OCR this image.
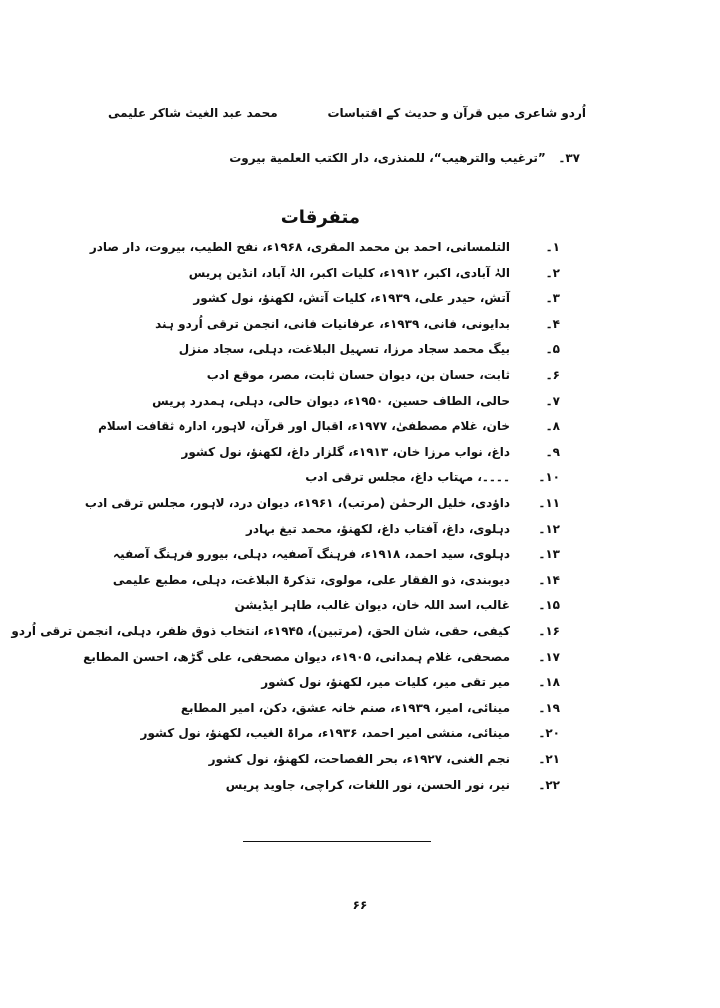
اُردو شاعری میں قرآن و حدیث کے اقتباسات
محمد عبد الغیث شاکر علیمی
۳۷۔ ”ترغیب والترھیب“، للمنذری، دار الکتب العلمیة بیروت
متفرقات
۱۔
التلمسانی، احمد بن محمد المقری، ۱۹۶۸ء، نفح الطیب، بیروت، دار صادر
۲۔
الہٰ آبادی، اکبر، ۱۹۱۲ء، کلیات اکبر، الہٰ آباد، انڈین پریس
۳۔
آتش، حیدر علی، ۱۹۳۹ء، کلیات آتش، لکھنؤ، نول کشور
۴۔
بدایونی، فانی، ۱۹۳۹ء، عرفانیات فانی، انجمن ترقی اُردو ہند
۵۔
بیگ محمد سجاد مرزا، تسہیل البلاغت، دہلی، سجاد منزل
۶۔
ثابت، حسان بن، دیوان حسان ثابت، مصر، موقع ادب
۷۔
حالی، الطاف حسین، ۱۹۵۰ء، دیوان حالی، دہلی، ہمدرد پریس
۸۔
خان، غلام مصطفیٰ، ۱۹۷۷ء، اقبال اور قرآن، لاہور، ادارہ ثقافت اسلام
۹۔
داغ، نواب مرزا خان، ۱۹۱۳ء، گلزار داغ، لکھنؤ، نول کشور
۱۰۔
۔۔۔۔، مہتاب داغ، مجلس ترقی ادب
۱۱۔
داؤدی، خلیل الرحمٰن (مرتب)، ۱۹۶۱ء، دیوان درد، لاہور، مجلس ترقی ادب
۱۲۔
دہلوی، داغ، آفتاب داغ، لکھنؤ، محمد تیغ بہادر
۱۳۔
دہلوی، سید احمد، ۱۹۱۸ء، فرہنگ آصفیہ، دہلی، بیورو فرہنگ آصفیہ
۱۴۔
دیوبندی، ذو الفقار علی، مولوی، تذکرۃ البلاغت، دہلی، مطبع علیمی
۱۵۔
غالب، اسد اللہ خان، دیوان غالب، طاہر ایڈیشن
۱۶۔
کیفی، حقی، شان الحق، (مرتبین)، ۱۹۴۵ء، انتخاب ذوق ظفر، دہلی، انجمن ترقی اُردو
۱۷۔
مصحفی، غلام ہمدانی، ۱۹۰۵ء، دیوان مصحفی، علی گڑھ، احسن المطابع
۱۸۔
میر تقی میر، کلیات میر، لکھنؤ، نول کشور
۱۹۔
مینائی، امیر، ۱۹۳۹ء، صنم خانہ عشق، دکن، امیر المطابع
۲۰۔
مینائی، منشی امیر احمد، ۱۹۳۶ء، مراۃ الغیب، لکھنؤ، نول کشور
۲۱۔
نجم الغنی، ۱۹۲۷ء، بحر الفصاحت، لکھنؤ، نول کشور
۲۲۔
نیر، نور الحسن، نور اللغات، کراچی، جاوید پریس
۶۶
